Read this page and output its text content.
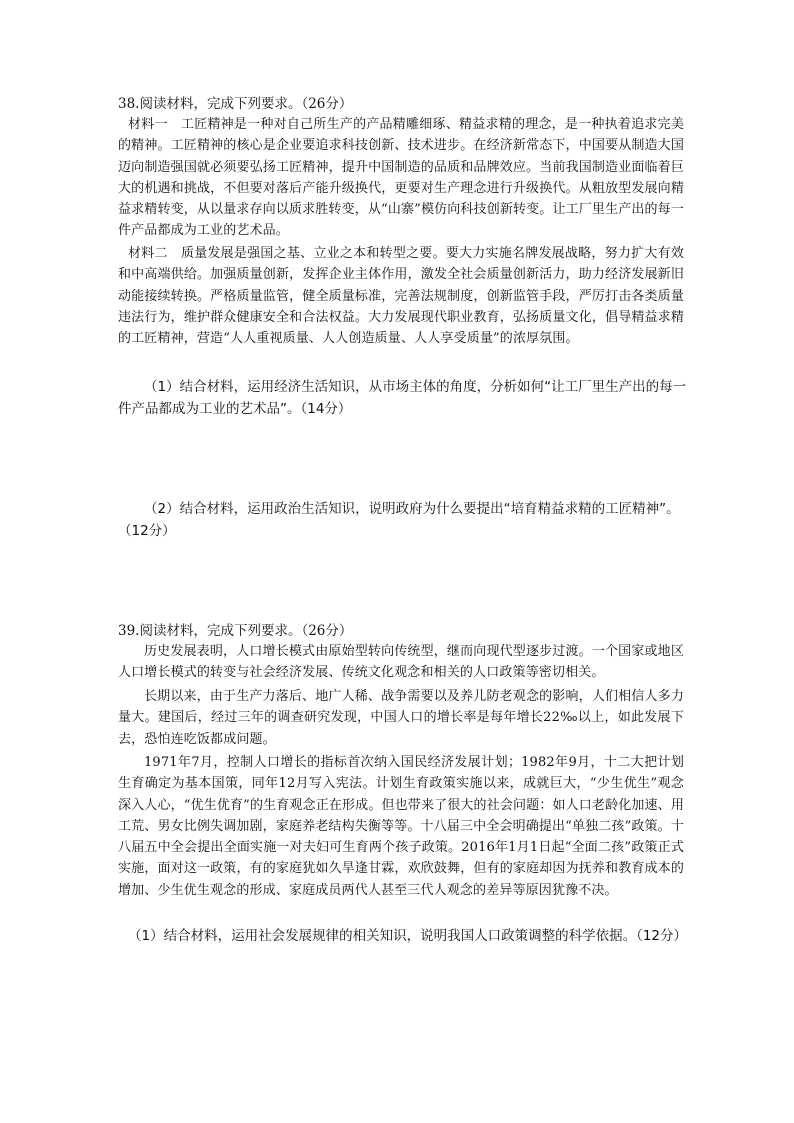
38.阅读材料，完成下列要求。（26分）
材料一　工匠精神是一种对自己所生产的产品精雕细琢、精益求精的理念，是一种执着追求完美的精神。工匠精神的核心是企业要追求科技创新、技术进步。在经济新常态下，中国要从制造大国迈向制造强国就必须要弘扬工匠精神，提升中国制造的品质和品牌效应。当前我国制造业面临着巨大的机遇和挑战，不但要对落后产能升级换代，更要对生产理念进行升级换代。从粗放型发展向精益求精转变，从以量求存向以质求胜转变，从“山寨”模仿向科技创新转变。让工厂里生产出的每一件产品都成为工业的艺术品。
材料二　质量发展是强国之基、立业之本和转型之要。要大力实施名牌发展战略，努力扩大有效和中高端供给。加强质量创新，发挥企业主体作用，激发全社会质量创新活力，助力经济发展新旧动能接续转换。严格质量监管，健全质量标准，完善法规制度，创新监管手段，严厉打击各类质量违法行为，维护群众健康安全和合法权益。大力发展现代职业教育，弘扬质量文化，倡导精益求精的工匠精神，营造“人人重视质量、人人创造质量、人人享受质量”的浓厚氛围。
（1）结合材料，运用经济生活知识，从市场主体的角度，分析如何“让工厂里生产出的每一件产品都成为工业的艺术品”。（14分）
（2）结合材料，运用政治生活知识，说明政府为什么要提出“培育精益求精的工匠精神”。（12分）
39.阅读材料，完成下列要求。（26分）
历史发展表明，人口增长模式由原始型转向传统型，继而向现代型逐步过渡。一个国家或地区人口增长模式的转变与社会经济发展、传统文化观念和相关的人口政策等密切相关。
长期以来，由于生产力落后、地广人稀、战争需要以及养儿防老观念的影响，人们相信人多力量大。建国后，经过三年的调查研究发现，中国人口的增长率是每年增长22‰以上，如此发展下去，恐怕连吃饭都成问题。
1971年7月，控制人口增长的指标首次纳入国民经济发展计划；1982年9月，十二大把计划生育确定为基本国策，同年12月写入宪法。计划生育政策实施以来，成就巨大，“少生优生”观念深入人心，“优生优育”的生育观念正在形成。但也带来了很大的社会问题：如人口老龄化加速、用工荒、男女比例失调加剧，家庭养老结构失衡等等。十八届三中全会明确提出“单独二孩”政策。十八届五中全会提出全面实施一对夫妇可生育两个孩子政策。2016年1月1日起“全面二孩”政策正式实施，面对这一政策，有的家庭犹如久旱逢甘霖，欢欣鼓舞，但有的家庭却因为抚养和教育成本的增加、少生优生观念的形成、家庭成员两代人甚至三代人观念的差异等原因犹豫不决。
（1）结合材料，运用社会发展规律的相关知识，说明我国人口政策调整的科学依据。（12分）
